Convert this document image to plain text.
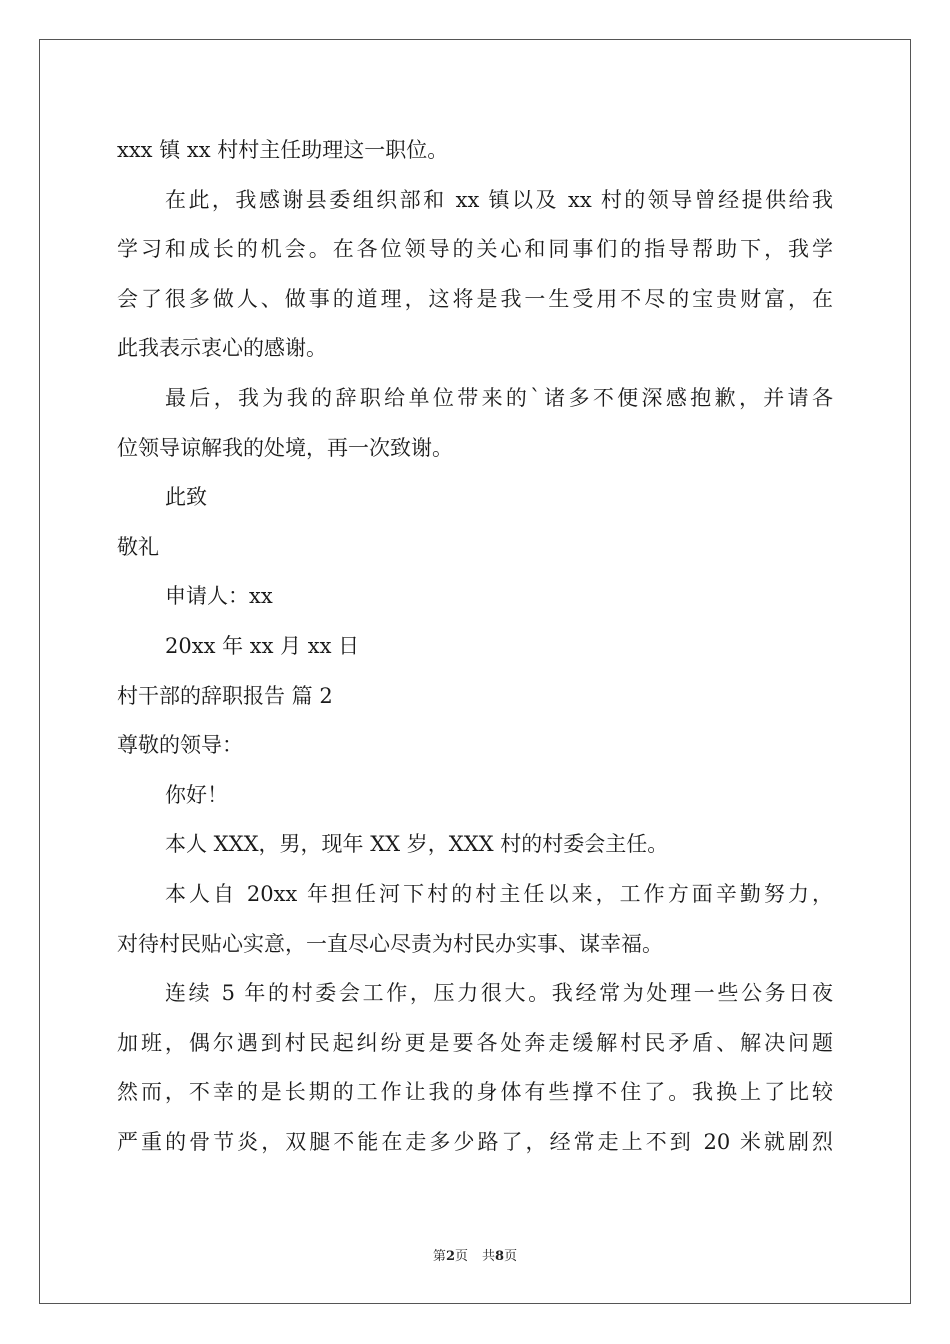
xxx 镇 xx 村村主任助理这一职位。
在此，我感谢县委组织部和 xx 镇以及 xx 村的领导曾经提供给我
学习和成长的机会。在各位领导的关心和同事们的指导帮助下，我学
会了很多做人、做事的道理，这将是我一生受用不尽的宝贵财富，在
此我表示衷心的感谢。
最后，我为我的辞职给单位带来的`诸多不便深感抱歉，并请各
位领导谅解我的处境，再一次致谢。
此致
敬礼
申请人：xx
20xx 年 xx 月 xx 日
村干部的辞职报告 篇 2
尊敬的领导：
你好！
本人 XXX，男，现年 XX 岁，XXX 村的村委会主任。
本人自 20xx 年担任河下村的村主任以来，工作方面辛勤努力，
对待村民贴心实意，一直尽心尽责为村民办实事、谋幸福。
连续 5 年的村委会工作，压力很大。我经常为处理一些公务日夜
加班，偶尔遇到村民起纠纷更是要各处奔走缓解村民矛盾、解决问题
然而，不幸的是长期的工作让我的身体有些撑不住了。我换上了比较
严重的骨节炎，双腿不能在走多少路了，经常走上不到 20 米就剧烈
第2页 共8页
